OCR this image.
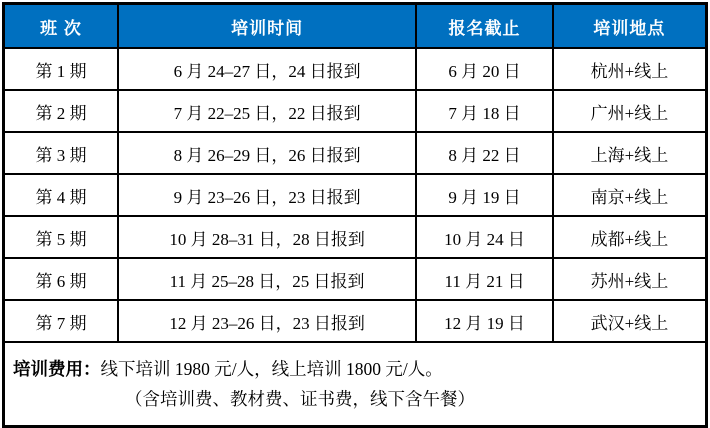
班 次	培训时间	报名截止	培训地点
第 1 期	6 月 24–27 日，24 日报到	6 月 20 日	杭州+线上
第 2 期	7 月 22–25 日，22 日报到	7 月 18 日	广州+线上
第 3 期	8 月 26–29 日，26 日报到	8 月 22 日	上海+线上
第 4 期	9 月 23–26 日，23 日报到	9 月 19 日	南京+线上
第 5 期	10 月 28–31 日，28 日报到	10 月 24 日	成都+线上
第 6 期	11 月 25–28 日，25 日报到	11 月 21 日	苏州+线上
第 7 期	12 月 23–26 日，23 日报到	12 月 19 日	武汉+线上

培训费用：线下培训 1980 元/人，线上培训 1800 元/人。
（含培训费、教材费、证书费，线下含午餐）			
